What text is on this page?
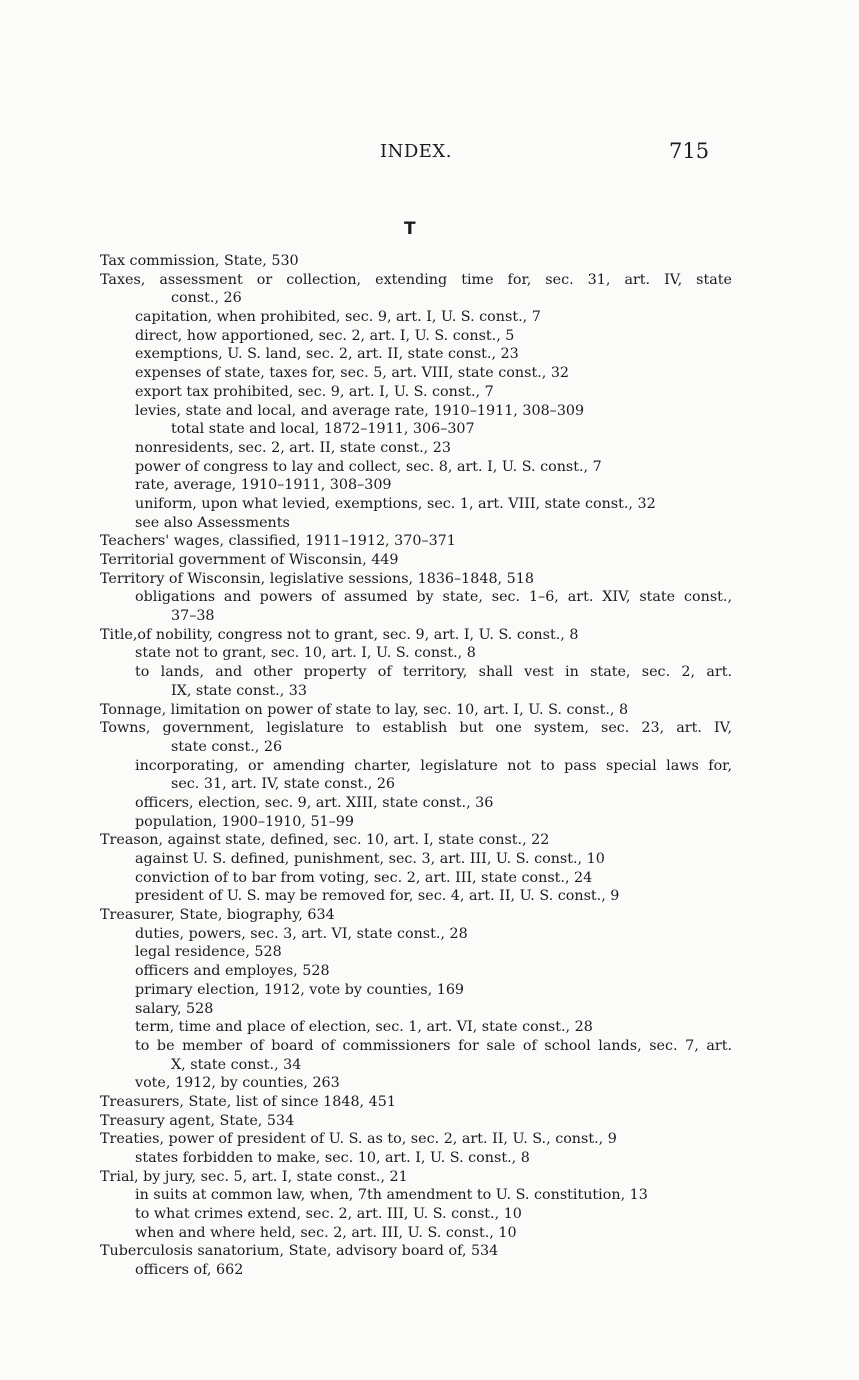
INDEX.	715
T
Tax commission, State, 530
Taxes, assessment or collection, extending time for, sec. 31, art. IV, state
const., 26
capitation, when prohibited, sec. 9, art. I, U. S. const., 7
direct, how apportioned, sec. 2, art. I, U. S. const., 5
exemptions, U. S. land, sec. 2, art. II, state const., 23
expenses of state, taxes for, sec. 5, art. VIII, state const., 32
export tax prohibited, sec. 9, art. I, U. S. const., 7
levies, state and local, and average rate, 1910–1911, 308–309
total state and local, 1872–1911, 306–307
nonresidents, sec. 2, art. II, state const., 23
power of congress to lay and collect, sec. 8, art. I, U. S. const., 7
rate, average, 1910–1911, 308–309
uniform, upon what levied, exemptions, sec. 1, art. VIII, state const., 32
see also Assessments
Teachers' wages, classified, 1911–1912, 370–371
Territorial government of Wisconsin, 449
Territory of Wisconsin, legislative sessions, 1836–1848, 518
obligations and powers of assumed by state, sec. 1–6, art. XIV, state const.,
37–38
Title,of nobility, congress not to grant, sec. 9, art. I, U. S. const., 8
state not to grant, sec. 10, art. I, U. S. const., 8
to lands, and other property of territory, shall vest in state, sec. 2, art.
IX, state const., 33
Tonnage, limitation on power of state to lay, sec. 10, art. I, U. S. const., 8
Towns, government, legislature to establish but one system, sec. 23, art. IV,
state const., 26
incorporating, or amending charter, legislature not to pass special laws for,
sec. 31, art. IV, state const., 26
officers, election, sec. 9, art. XIII, state const., 36
population, 1900–1910, 51–99
Treason, against state, defined, sec. 10, art. I, state const., 22
against U. S. defined, punishment, sec. 3, art. III, U. S. const., 10
conviction of to bar from voting, sec. 2, art. III, state const., 24
president of U. S. may be removed for, sec. 4, art. II, U. S. const., 9
Treasurer, State, biography, 634
duties, powers, sec. 3, art. VI, state const., 28
legal residence, 528
officers and employes, 528
primary election, 1912, vote by counties, 169
salary, 528
term, time and place of election, sec. 1, art. VI, state const., 28
to be member of board of commissioners for sale of school lands, sec. 7, art.
X, state const., 34
vote, 1912, by counties, 263
Treasurers, State, list of since 1848, 451
Treasury agent, State, 534
Treaties, power of president of U. S. as to, sec. 2, art. II, U. S., const., 9
states forbidden to make, sec. 10, art. I, U. S. const., 8
Trial, by jury, sec. 5, art. I, state const., 21
in suits at common law, when, 7th amendment to U. S. constitution, 13
to what crimes extend, sec. 2, art. III, U. S. const., 10
when and where held, sec. 2, art. III, U. S. const., 10
Tuberculosis sanatorium, State, advisory board of, 534
officers of, 662
